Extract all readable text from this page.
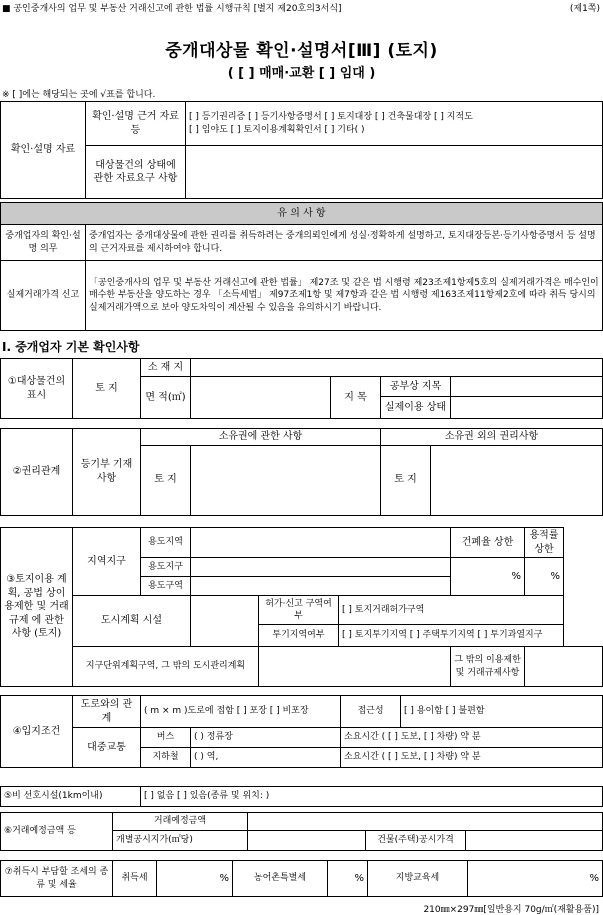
■ 공인중개사의 업무 및 부동산 거래신고에 관한 법률 시행규칙 [별지 제20호의3서식]	(제1쪽)
중개대상물 확인·설명서[Ⅲ] (토지)
( [ ] 매매·교환 [ ] 임대 )
※ [ ]에는 해당되는 곳에 √표를 합니다.
확인·설명 자료	확인·설명 근거 자료 등	[ ] 등기권리증 [ ] 등기사항증명서 [ ] 토지대장 [ ] 건축물대장 [ ] 지적도
[ ] 임야도 [ ] 토지이용계획확인서 [ ] 기타( )

	대상물건의 상태에 관한 자료요구 사항	
유 의 사 항	
중개업자의 확인·설명 의무	중개업자는 중개대상물에 관한 권리를 취득하려는 중개의뢰인에게 성실·정확하게 설명하고, 토지대장등본·등기사항증명서 등 설명의 근거자료를 제시하여야 합니다.
실제거래가격 신고	「공인중개사의 업무 및 부동산 거래신고에 관한 법률」 제27조 및 같은 법 시행령 제23조제1항제5호의 실제거래가격은 매수인이 매수한 부동산을 양도하는 경우 「소득세법」 제97조제1항 및 제7항과 같은 법 시행령 제163조제11항제2호에 따라 취득 당시의 실제거래가액으로 보아 양도차익이 계산될 수 있음을 유의하시기 바랍니다.
Ⅰ. 중개업자 기본 확인사항
①대상물건의 표시	토 지	소 재 지				
		면 적(㎡)		지 목	공부상 지목	
					실제이용 상태	
②권리관계	등기부 기재사항	소유권에 관한 사항		소유권 외의 권리사항	
		토 지		토 지	
③토지이용 계획, 공법 상이용제한 및 거래규제 에 관한 사항 (토지)	지역지구	용도지역				건폐율 상한	용적률 상한
		용도지구				%	%
		용도구역					
	도시계획 시설			허가·신고 구역여부	[ ] 토지거래허가구역		
				투기지역여부	[ ] 토지투기지역 [ ] 주택투기지역 [ ] 투기과열지구		
	지구단위계획구역, 그 밖의 도시관리계획					그 밖의 이용제한 및 거래규제사항	
④입지조건	도로와의 관계	( m × m )도로에 접함 [ ] 포장 [ ] 비포장		접근성	[ ] 용이함 [ ] 불편함
	대중교통	버스	( ) 정류장	소요시간 ( [ ] 도보, [ ] 차량) 약 분	
		지하철	( ) 역,	소요시간 ( [ ] 도보, [ ] 차량) 약 분	
⑤비 선호시설(1km이내)	[ ] 없음 [ ] 있음(종류 및 위치: )
⑥거래예정금액 등	거래예정금액			
	개별공시지가(㎡당)		건물(주택)공시가격	
⑦취득시 부담할 조세의 종류 및 세율	취득세	%	농어촌특별세	%	지방교육세	%
210㎜×297㎜[일반용지 70g/㎡(재활용품)]
